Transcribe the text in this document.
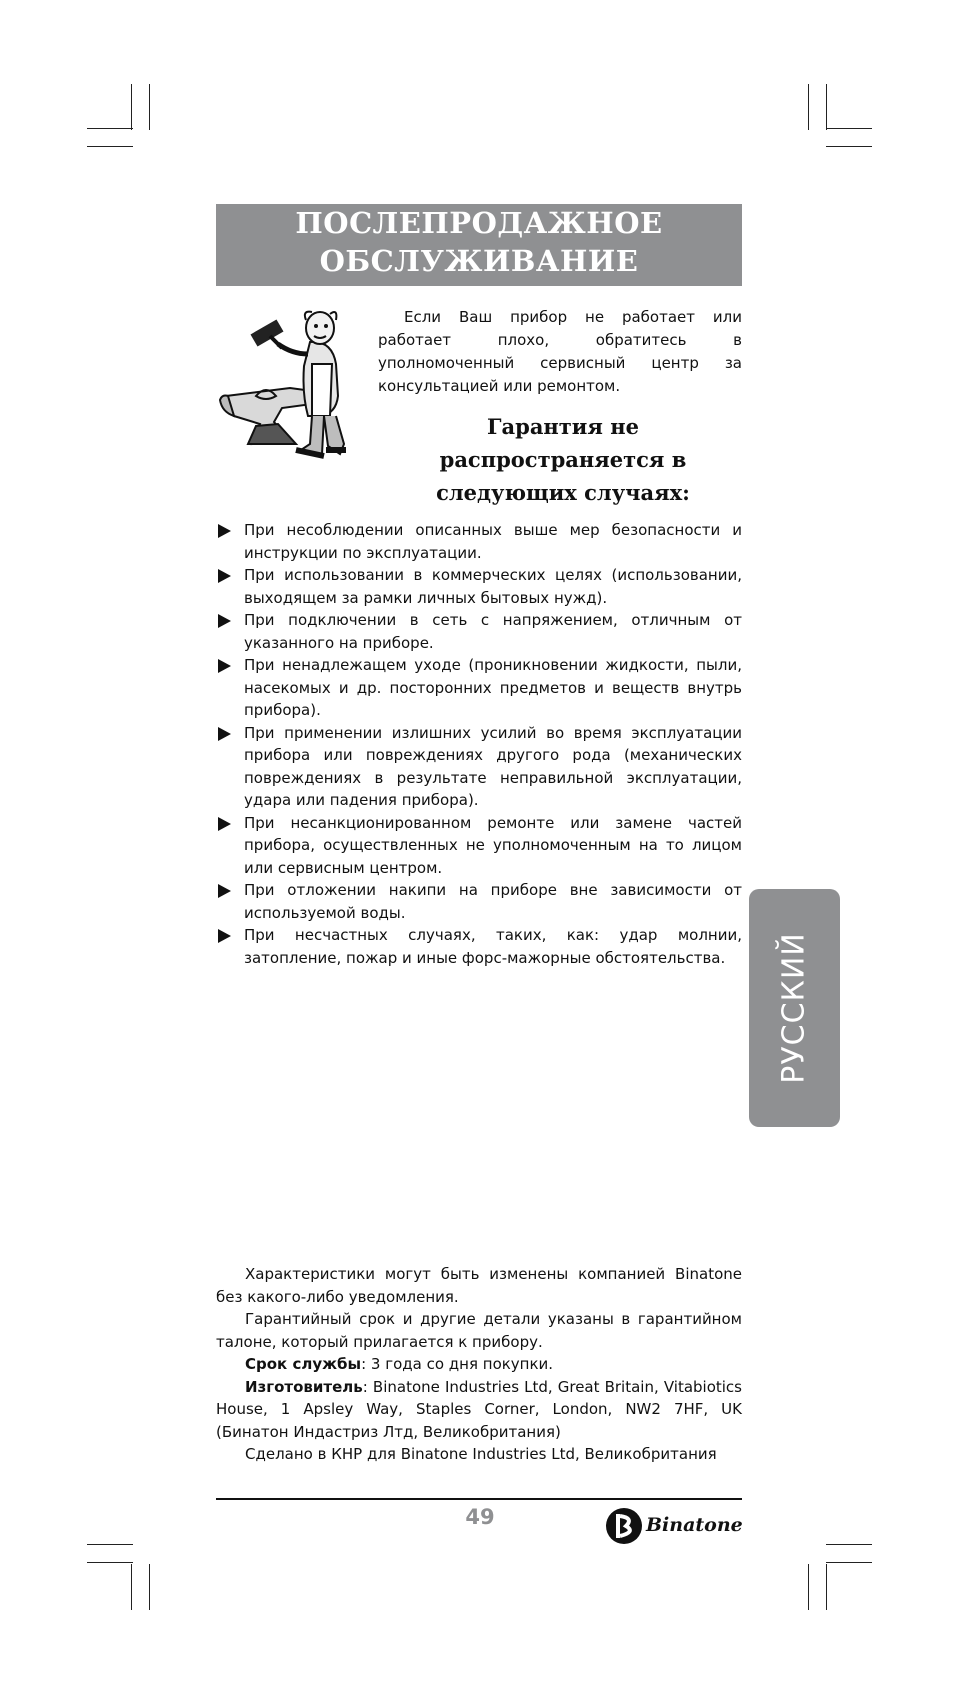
ПОСЛЕПРОДАЖНОЕ
ОБСЛУЖИВАНИЕ
Если Ваш прибор не работает или работает плохо, обратитесь в уполномоченный сервисный центр за консультацией или ремонтом.
Гарантия не распространяется в следующих случаях:
При несоблюдении описанных выше мер безопасности и инструкции по эксплуатации.
При использовании в коммерческих целях (использовании, выходящем за рамки личных бытовых нужд).
При подключении в сеть с напряжением, отличным от указанного на приборе.
При ненадлежащем уходе (проникновении жидкости, пыли, насекомых и др. посторонних предметов и веществ внутрь прибора).
При применении излишних усилий во время эксплуатации прибора или повреждениях другого рода (механических повреждениях в результате неправильной эксплуатации, удара или падения прибора).
При несанкционированном ремонте или замене частей прибора, осуществленных не уполномоченным на то лицом или сервисным центром.
При отложении накипи на приборе вне зависимости от используемой воды.
При несчастных случаях, таких, как: удар молнии, затопление, пожар и иные форс-мажорные обстоятельства.	РУССКИЙ

Характеристики могут быть изменены компанией Binatone без какого-либо уведомления.

Гарантийный срок и другие детали указаны в гарантийном талоне, который прилагается к прибору.

Срок службы: 3 года со дня покупки.

Изготовитель: Binatone Industries Ltd, Great Britain, Vitabiotics House, 1 Apsley Way, Staples Corner, London, NW2 7HF, UK (Бинатон Индастриз Лтд, Великобритания)

Сделано в КНР для Binatone Industries Ltd, Великобритания

49	Binatone
